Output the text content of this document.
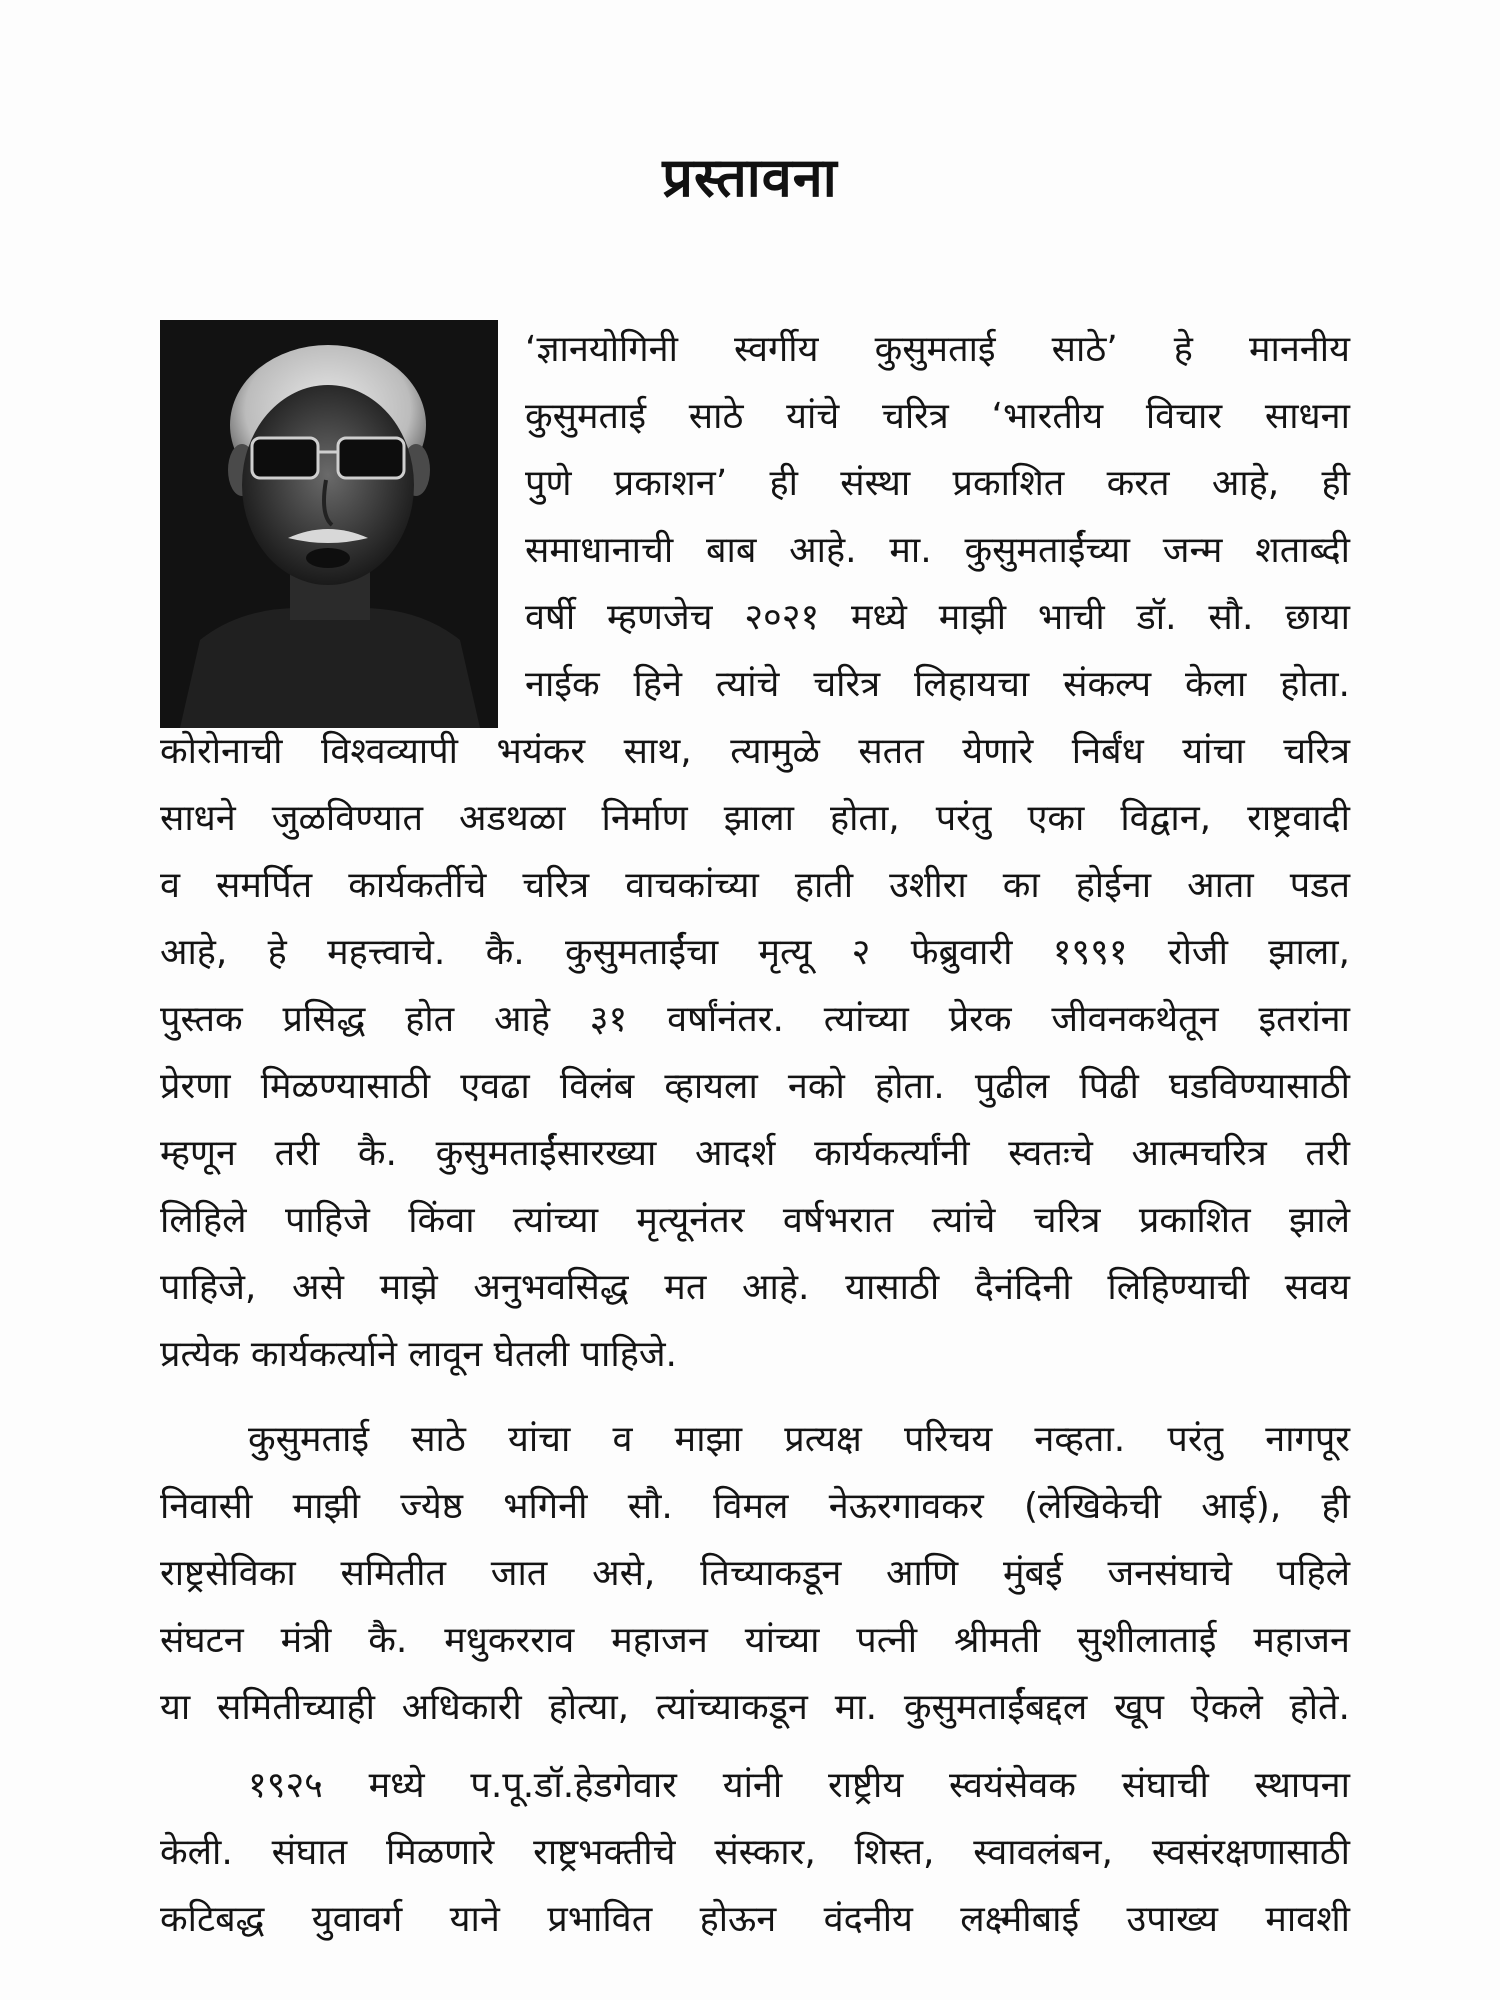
प्रस्तावना
‘ज्ञानयोगिनी स्वर्गीय कुसुमताई साठे’ हे माननीय
कुसुमताई साठे यांचे चरित्र ‘भारतीय विचार साधना
पुणे प्रकाशन’ ही संस्था प्रकाशित करत आहे, ही
समाधानाची बाब आहे. मा. कुसुमताईंच्या जन्म शताब्दी
वर्षी म्हणजेच २०२१ मध्ये माझी भाची डॉ. सौ. छाया
नाईक हिने त्यांचे चरित्र लिहायचा संकल्प केला होता.
कोरोनाची विश्वव्यापी भयंकर साथ, त्यामुळे सतत येणारे निर्बंध यांचा चरित्र
साधने जुळविण्यात अडथळा निर्माण झाला होता, परंतु एका विद्वान, राष्ट्रवादी
व समर्पित कार्यकर्तीचे चरित्र वाचकांच्या हाती उशीरा का होईना आता पडत
आहे, हे महत्त्वाचे. कै. कुसुमताईंचा मृत्यू २ फेब्रुवारी १९९१ रोजी झाला,
पुस्तक प्रसिद्ध होत आहे ३१ वर्षांनंतर. त्यांच्या प्रेरक जीवनकथेतून इतरांना
प्रेरणा मिळण्यासाठी एवढा विलंब व्हायला नको होता. पुढील पिढी घडविण्यासाठी
म्हणून तरी कै. कुसुमताईंसारख्या आदर्श कार्यकर्त्यांनी स्वतःचे आत्मचरित्र तरी
लिहिले पाहिजे किंवा त्यांच्या मृत्यूनंतर वर्षभरात त्यांचे चरित्र प्रकाशित झाले
पाहिजे, असे माझे अनुभवसिद्ध मत आहे. यासाठी दैनंदिनी लिहिण्याची सवय
प्रत्येक कार्यकर्त्याने लावून घेतली पाहिजे.
कुसुमताई साठे यांचा व माझा प्रत्यक्ष परिचय नव्हता. परंतु नागपूर
निवासी माझी ज्येष्ठ भगिनी सौ. विमल नेऊरगावकर (लेखिकेची आई), ही
राष्ट्रसेविका समितीत जात असे, तिच्याकडून आणि मुंबई जनसंघाचे पहिले
संघटन मंत्री कै. मधुकरराव महाजन यांच्या पत्नी श्रीमती सुशीलाताई महाजन
या समितीच्याही अधिकारी होत्या, त्यांच्याकडून मा. कुसुमताईंबद्दल खूप ऐकले होते.
१९२५ मध्ये प.पू.डॉ.हेडगेवार यांनी राष्ट्रीय स्वयंसेवक संघाची स्थापना
केली. संघात मिळणारे राष्ट्रभक्तीचे संस्कार, शिस्त, स्वावलंबन, स्वसंरक्षणासाठी
कटिबद्ध युवावर्ग याने प्रभावित होऊन वंदनीय लक्ष्मीबाई उपाख्य मावशी
